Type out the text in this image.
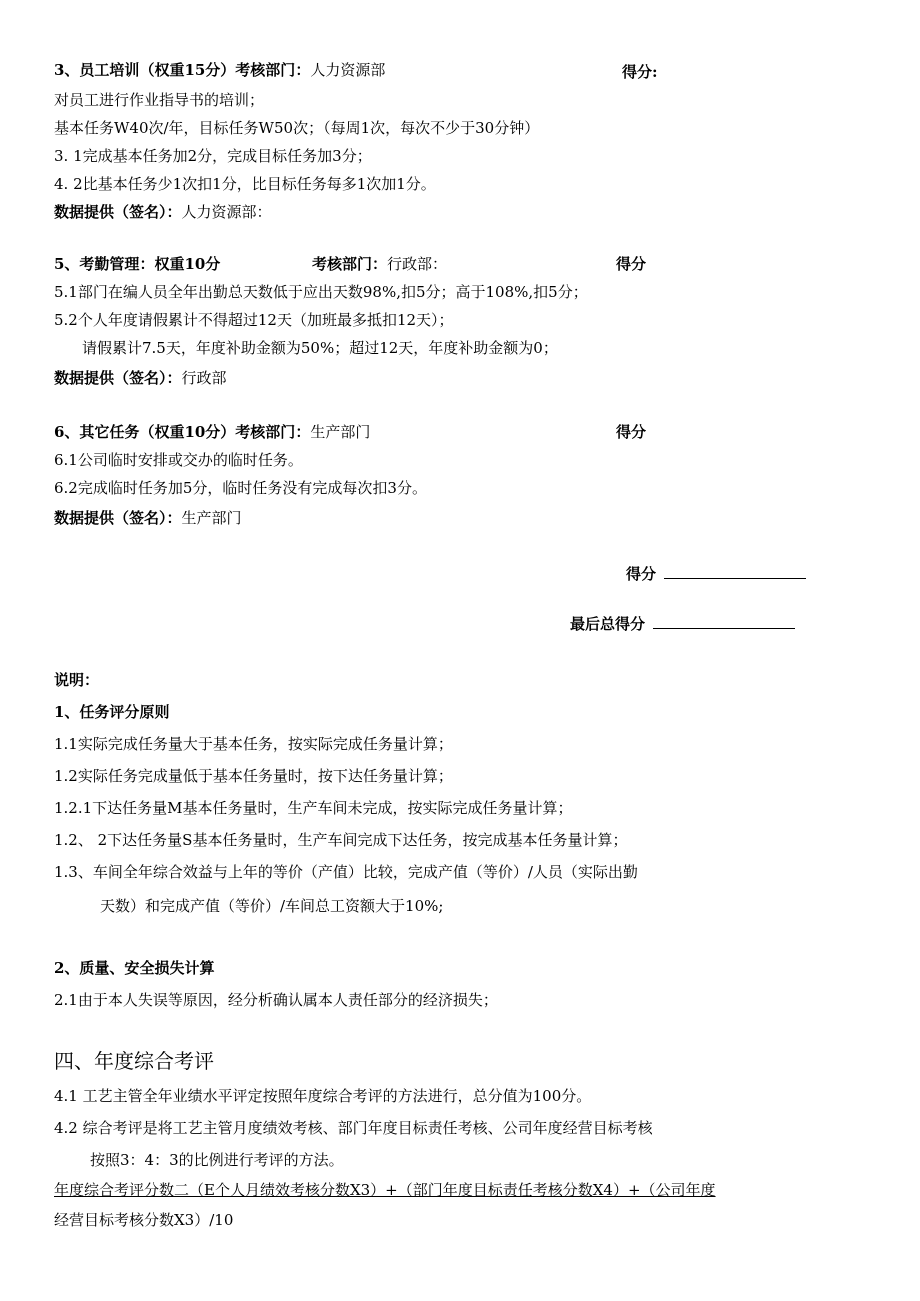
3、员工培训（权重15分）考核部门：人力资源部	得分:
对员工进行作业指导书的培训；
基本任务W40次/年，目标任务W50次；（每周1次，每次不少于30分钟）
3. 1完成基本任务加2分，完成目标任务加3分；
4. 2比基本任务少1次扣1分，比目标任务每多1次加1分。
数据提供（签名）：人力资源部：
5、考勤管理：权重10分	考核部门：行政部：	得分
5.1部门在编人员全年出勤总天数低于应出天数98%,扣5分；高于108%,扣5分；
5.2个人年度请假累计不得超过12天（加班最多抵扣12天）；
请假累计7.5天，年度补助金额为50%；超过12天，年度补助金额为0；
数据提供（签名）：行政部
6、其它任务（权重10分）考核部门：生产部门	得分
6.1公司临时安排或交办的临时任务。
6.2完成临时任务加5分，临时任务没有完成每次扣3分。
数据提供（签名）：生产部门
得分
最后总得分
说明：
1、任务评分原则
1.1实际完成任务量大于基本任务，按实际完成任务量计算；
1.2实际任务完成量低于基本任务量时，按下达任务量计算；
1.2.1下达任务量M基本任务量时，生产车间未完成，按实际完成任务量计算；
1.2、 2下达任务量S基本任务量时，生产车间完成下达任务，按完成基本任务量计算；
1.3、车间全年综合效益与上年的等价（产值）比较，完成产值（等价）/人员（实际出勤
天数）和完成产值（等价）/车间总工资额大于10%;
2、质量、安全损失计算
2.1由于本人失误等原因，经分析确认属本人责任部分的经济损失；
四、年度综合考评
4.1 工艺主管全年业绩水平评定按照年度综合考评的方法进行，总分值为100分。
4.2 综合考评是将工艺主管月度绩效考核、部门年度目标责任考核、公司年度经营目标考核
按照3：4：3的比例进行考评的方法。
年度综合考评分数二（E个人月绩效考核分数X3）+（部门年度目标责任考核分数X4）+（公司年度
经营目标考核分数X3）/10
